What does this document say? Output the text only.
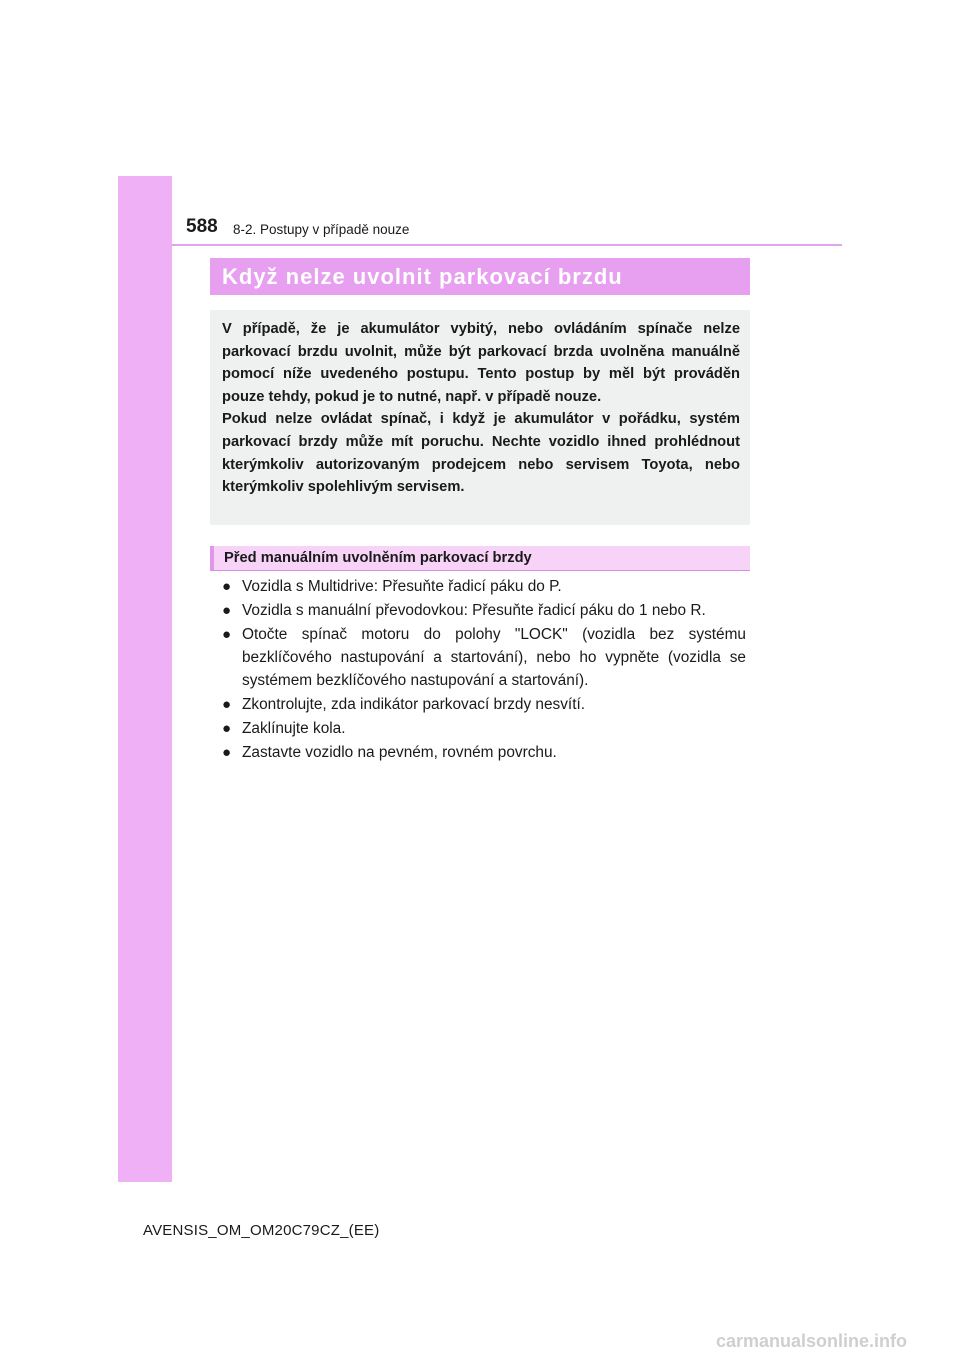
588 8-2. Postupy v případě nouze
Když nelze uvolnit parkovací brzdu

V případě, že je akumulátor vybitý, nebo ovládáním spínače nelze parkovací brzdu uvolnit, může být parkovací brzda uvolněna manuálně pomocí níže uvedeného postupu. Tento postup by měl být prováděn pouze tehdy, pokud je to nutné, např. v případě nouze.

Pokud nelze ovládat spínač, i když je akumulátor v pořádku, systém parkovací brzdy může mít poruchu. Nechte vozidlo ihned prohlédnout kterýmkoliv autorizovaným prodejcem nebo servisem Toyota, nebo kterýmkoliv spolehlivým servisem.

Před manuálním uvolněním parkovací brzdy
● Vozidla s Multidrive: Přesuňte řadicí páku do P.
● Vozidla s manuální převodovkou: Přesuňte řadicí páku do 1 nebo R.
● Otočte spínač motoru do polohy "LOCK" (vozidla bez systému bezklíčového nastupování a startování), nebo ho vypněte (vozidla se systémem bezklíčového nastupování a startování).
● Zkontrolujte, zda indikátor parkovací brzdy nesvítí.
● Zaklínujte kola.
● Zastavte vozidlo na pevném, rovném povrchu.
AVENSIS_OM_OM20C79CZ_(EE)
carmanualsonline.info
